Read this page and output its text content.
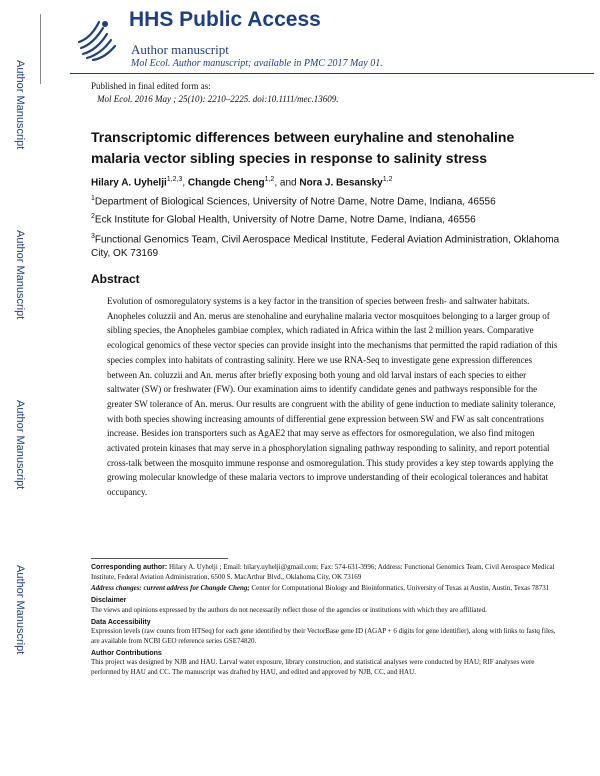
Author Manuscript
Author Manuscript
Author Manuscript
Author Manuscript
HHS Public Access
Author manuscript
Mol Ecol. Author manuscript; available in PMC 2017 May 01.
Published in final edited form as:
Mol Ecol. 2016 May ; 25(10): 2210–2225. doi:10.1111/mec.13609.
Transcriptomic differences between euryhaline and stenohaline malaria vector sibling species in response to salinity stress
Hilary A. Uyhelji$^{1,2,3}$, Changde Cheng$^{1,2}$, and Nora J. Besansky$^{1,2}$
$^1$Department of Biological Sciences, University of Notre Dame, Notre Dame, Indiana, 46556
$^2$Eck Institute for Global Health, University of Notre Dame, Notre Dame, Indiana, 46556
$^3$Functional Genomics Team, Civil Aerospace Medical Institute, Federal Aviation Administration, Oklahoma City, OK 73169
Abstract
Evolution of osmoregulatory systems is a key factor in the transition of species between fresh- and saltwater habitats. Anopheles coluzzii and An. merus are stenohaline and euryhaline malaria vector mosquitoes belonging to a larger group of sibling species, the Anopheles gambiae complex, which radiated in Africa within the last 2 million years. Comparative ecological genomics of these vector species can provide insight into the mechanisms that permitted the rapid radiation of this species complex into habitats of contrasting salinity. Here we use RNA-Seq to investigate gene expression differences between An. coluzzii and An. merus after briefly exposing both young and old larval instars of each species to either saltwater (SW) or freshwater (FW). Our examination aims to identify candidate genes and pathways responsible for the greater SW tolerance of An. merus. Our results are congruent with the ability of gene induction to mediate salinity tolerance, with both species showing increasing amounts of differential gene expression between SW and FW as salt concentrations increase. Besides ion transporters such as AgAE2 that may serve as effectors for osmoregulation, we also find mitogen activated protein kinases that may serve in a phosphorylation signaling pathway responding to salinity, and report potential cross-talk between the mosquito immune response and osmoregulation. This study provides a key step towards applying the growing molecular knowledge of these malaria vectors to improve understanding of their ecological tolerances and habitat occupancy.

Corresponding author: Hilary A. Uyhelji ; Email: hilary.uyhelji@gmail.com; Fax: 574-631-3996; Address: Functional Genomics Team, Civil Aerospace Medical Institute, Federal Aviation Administration, 6500 S. MacArthur Blvd., Oklahoma City, OK 73169

Address changes: current address for Changde Cheng; Center for Computational Biology and Bioinformatics, University of Texas at Austin, Austin, Texas 78731

Disclaimer

The views and opinions expressed by the authors do not necessarily reflect those of the agencies or institutions with which they are affiliated.

Data Accessibility

Expression levels (raw counts from HTSeq) for each gene identified by their VectorBase gene ID (AGAP + 6 digits for gene identifier), along with links to fastq files, are available from NCBI GEO reference series GSE74820.

Author Contributions

This project was designed by NJB and HAU. Larval water exposure, library construction, and statistical analyses were conducted by HAU; RIF analyses were performed by HAU and CC. The manuscript was drafted by HAU, and edited and approved by NJB, CC, and HAU.
